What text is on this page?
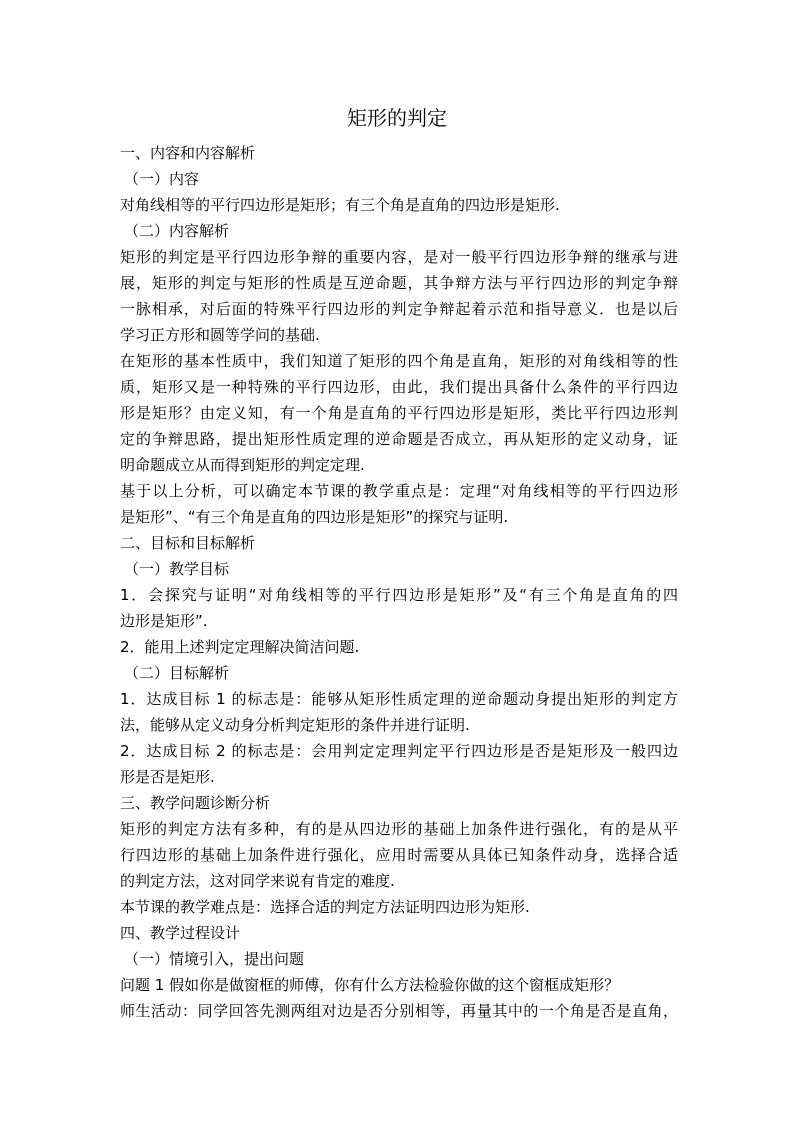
矩形的判定
一、内容和内容解析
（一）内容
对角线相等的平行四边形是矩形；有三个角是直角的四边形是矩形.
（二）内容解析
矩形的判定是平行四边形争辩的重要内容，是对一般平行四边形争辩的继承与进
展，矩形的判定与矩形的性质是互逆命题，其争辩方法与平行四边形的判定争辩
一脉相承，对后面的特殊平行四边形的判定争辩起着示范和指导意义．也是以后
学习正方形和圆等学问的基础.
在矩形的基本性质中，我们知道了矩形的四个角是直角，矩形的对角线相等的性
质，矩形又是一种特殊的平行四边形，由此，我们提出具备什么条件的平行四边
形是矩形？由定义知，有一个角是直角的平行四边形是矩形，类比平行四边形判
定的争辩思路，提出矩形性质定理的逆命题是否成立，再从矩形的定义动身，证
明命题成立从而得到矩形的判定定理.
基于以上分析，可以确定本节课的教学重点是：定理“对角线相等的平行四边形
是矩形”、“有三个角是直角的四边形是矩形”的探究与证明.
二、目标和目标解析
（一）教学目标
1．会探究与证明“对角线相等的平行四边形是矩形”及“有三个角是直角的四
边形是矩形”.
2．能用上述判定定理解决简洁问题.
（二）目标解析
1．达成目标 1 的标志是：能够从矩形性质定理的逆命题动身提出矩形的判定方
法，能够从定义动身分析判定矩形的条件并进行证明.
2．达成目标 2 的标志是：会用判定定理判定平行四边形是否是矩形及一般四边
形是否是矩形.
三、教学问题诊断分析
矩形的判定方法有多种，有的是从四边形的基础上加条件进行强化，有的是从平
行四边形的基础上加条件进行强化，应用时需要从具体已知条件动身，选择合适
的判定方法，这对同学来说有肯定的难度.
本节课的教学难点是：选择合适的判定方法证明四边形为矩形.
四、教学过程设计
（一）情境引入，提出问题
问题 1 假如你是做窗框的师傅，你有什么方法检验你做的这个窗框成矩形？
师生活动：同学回答先测两组对边是否分别相等，再量其中的一个角是否是直角，
